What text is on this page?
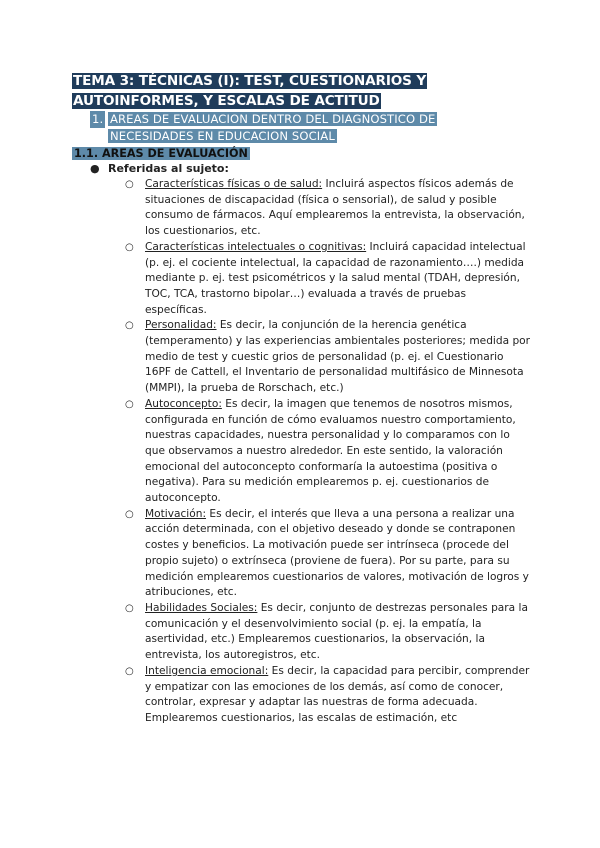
TEMA 3: TÉCNICAS (I): TEST, CUESTIONARIOS Y AUTOINFORMES, Y ESCALAS DE ACTITUD
1. AREAS DE EVALUACION DENTRO DEL DIAGNOSTICO DE NECESIDADES EN EDUCACION SOCIAL
1.1. AREAS DE EVALUACIÓN
● Referidas al sujeto:
○ Características físicas o de salud: Incluirá aspectos físicos además de situaciones de discapacidad (física o sensorial), de salud y posible consumo de fármacos. Aquí emplearemos la entrevista, la observación, los cuestionarios, etc.
○ Características intelectuales o cognitivas: Incluirá capacidad intelectual (p. ej. el cociente intelectual, la capacidad de razonamiento….) medida mediante p. ej. test psicométricos y la salud mental (TDAH, depresión, TOC, TCA, trastorno bipolar…) evaluada a través de pruebas específicas.
○ Personalidad: Es decir, la conjunción de la herencia genética (temperamento) y las experiencias ambientales posteriores; medida por medio de test y cuestic grios de personalidad (p. ej. el Cuestionario 16PF de Cattell, el Inventario de personalidad multifásico de Minnesota (MMPI), la prueba de Rorschach, etc.)
○ Autoconcepto: Es decir, la imagen que tenemos de nosotros mismos, configurada en función de cómo evaluamos nuestro comportamiento, nuestras capacidades, nuestra personalidad y lo comparamos con lo que observamos a nuestro alrededor. En este sentido, la valoración emocional del autoconcepto conformaría la autoestima (positiva o negativa). Para su medición emplearemos p. ej. cuestionarios de autoconcepto.
○ Motivación: Es decir, el interés que lleva a una persona a realizar una acción determinada, con el objetivo deseado y donde se contraponen costes y beneficios. La motivación puede ser intrínseca (procede del propio sujeto) o extrínseca (proviene de fuera). Por su parte, para su medición emplearemos cuestionarios de valores, motivación de logros y atribuciones, etc.
○ Habilidades Sociales: Es decir, conjunto de destrezas personales para la comunicación y el desenvolvimiento social (p. ej. la empatía, la asertividad, etc.) Emplearemos cuestionarios, la observación, la entrevista, los autoregistros, etc.
○ Inteligencia emocional: Es decir, la capacidad para percibir, comprender y empatizar con las emociones de los demás, así como de conocer, controlar, expresar y adaptar las nuestras de forma adecuada. Emplearemos cuestionarios, las escalas de estimación, etc
